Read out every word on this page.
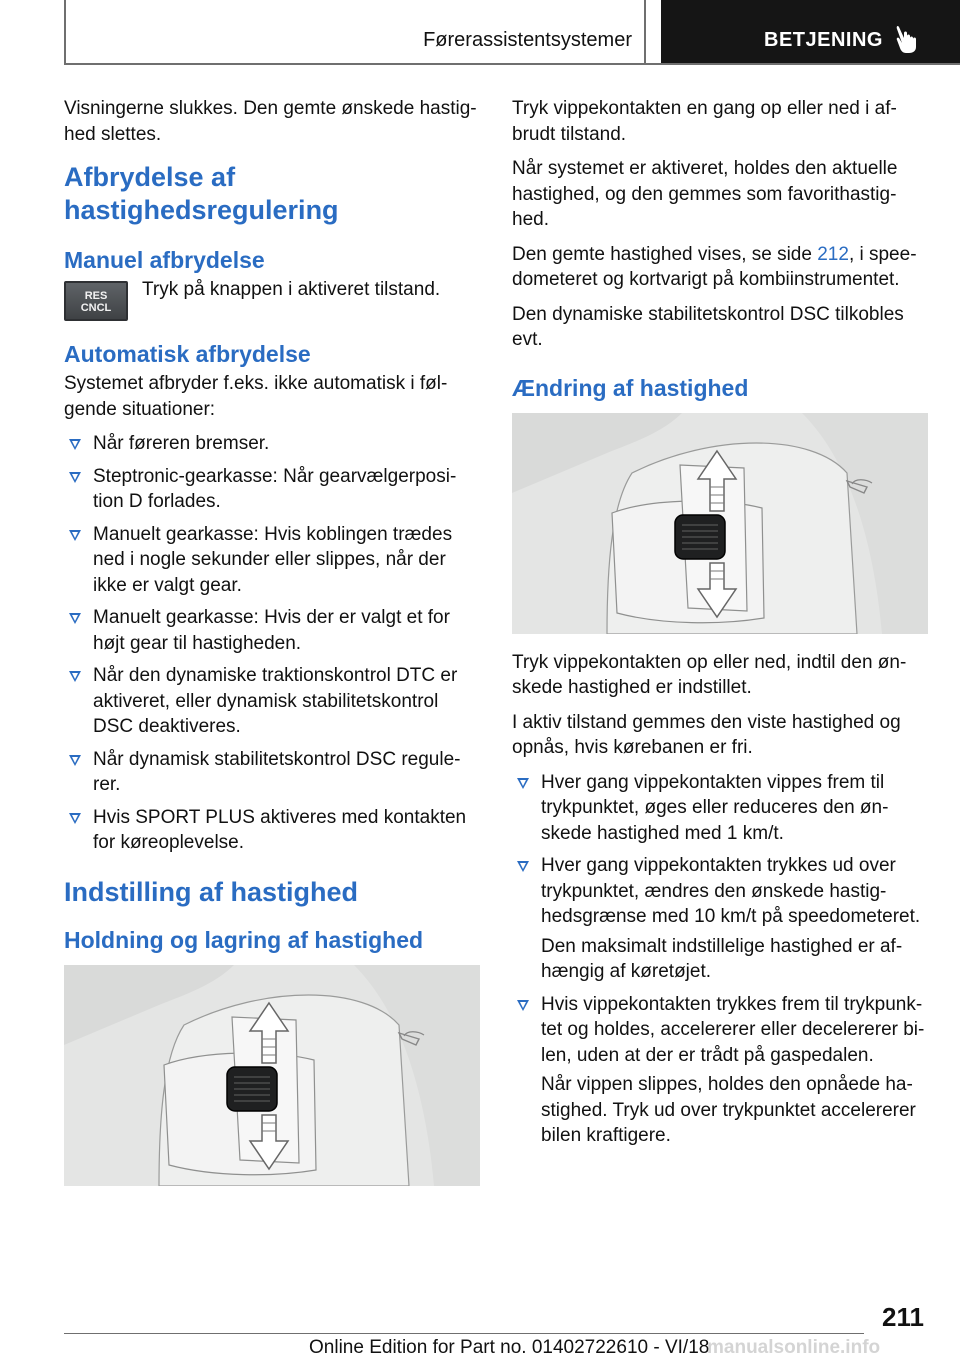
Førerassistentsystemer	BETJENING

Visningerne slukkes. Den gemte ønskede hastig-hed slettes.

Afbrydelse af hastighedsregulering
Manuel afbrydelse
RES
CNCL
Tryk på knappen i aktiveret tilstand.
Automatisk afbrydelse

Systemet afbryder f.eks. ikke automatisk i føl-gende situationer:

Når føreren bremser.
Steptronic-gearkasse: Når gearvælgerposi-tion D forlades.
Manuelt gearkasse: Hvis koblingen trædes ned i nogle sekunder eller slippes, når der ikke er valgt gear.
Manuelt gearkasse: Hvis der er valgt et for højt gear til hastigheden.
Når den dynamiske traktionskontrol DTC er aktiveret, eller dynamisk stabilitetskontrol DSC deaktiveres.
Når dynamisk stabilitetskontrol DSC regule-rer.
Hvis SPORT PLUS aktiveres med kontakten for køreoplevelse.
Indstilling af hastighed
Holdning og lagring af hastighed

Tryk vippekontakten en gang op eller ned i af-brudt tilstand.

Når systemet er aktiveret, holdes den aktuelle hastighed, og den gemmes som favorithastig-hed.

Den gemte hastighed vises, se side 212, i spee-dometeret og kortvarigt på kombiinstrumentet.

Den dynamiske stabilitetskontrol DSC tilkobles evt.

Ændring af hastighed

Tryk vippekontakten op eller ned, indtil den øn-skede hastighed er indstillet.

I aktiv tilstand gemmes den viste hastighed og opnås, hvis kørebanen er fri.

Hver gang vippekontakten vippes frem til trykpunktet, øges eller reduceres den øn-skede hastighed med 1 km/t.
Hver gang vippekontakten trykkes ud over trykpunktet, ændres den ønskede hastig-hedsgrænse med 10 km/t på speedometeret.
Den maksimalt indstillelige hastighed er af-hængig af køretøjet.
Hvis vippekontakten trykkes frem til trykpunk-tet og holdes, accelererer eller decelererer bi-len, uden at der er trådt på gaspedalen.
Når vippen slippes, holdes den opnåede ha-stighed. Tryk ud over trykpunktet accelererer bilen kraftigere.
211
Online Edition for Part no. 01402722610 - VI/18
manualsonline.info
